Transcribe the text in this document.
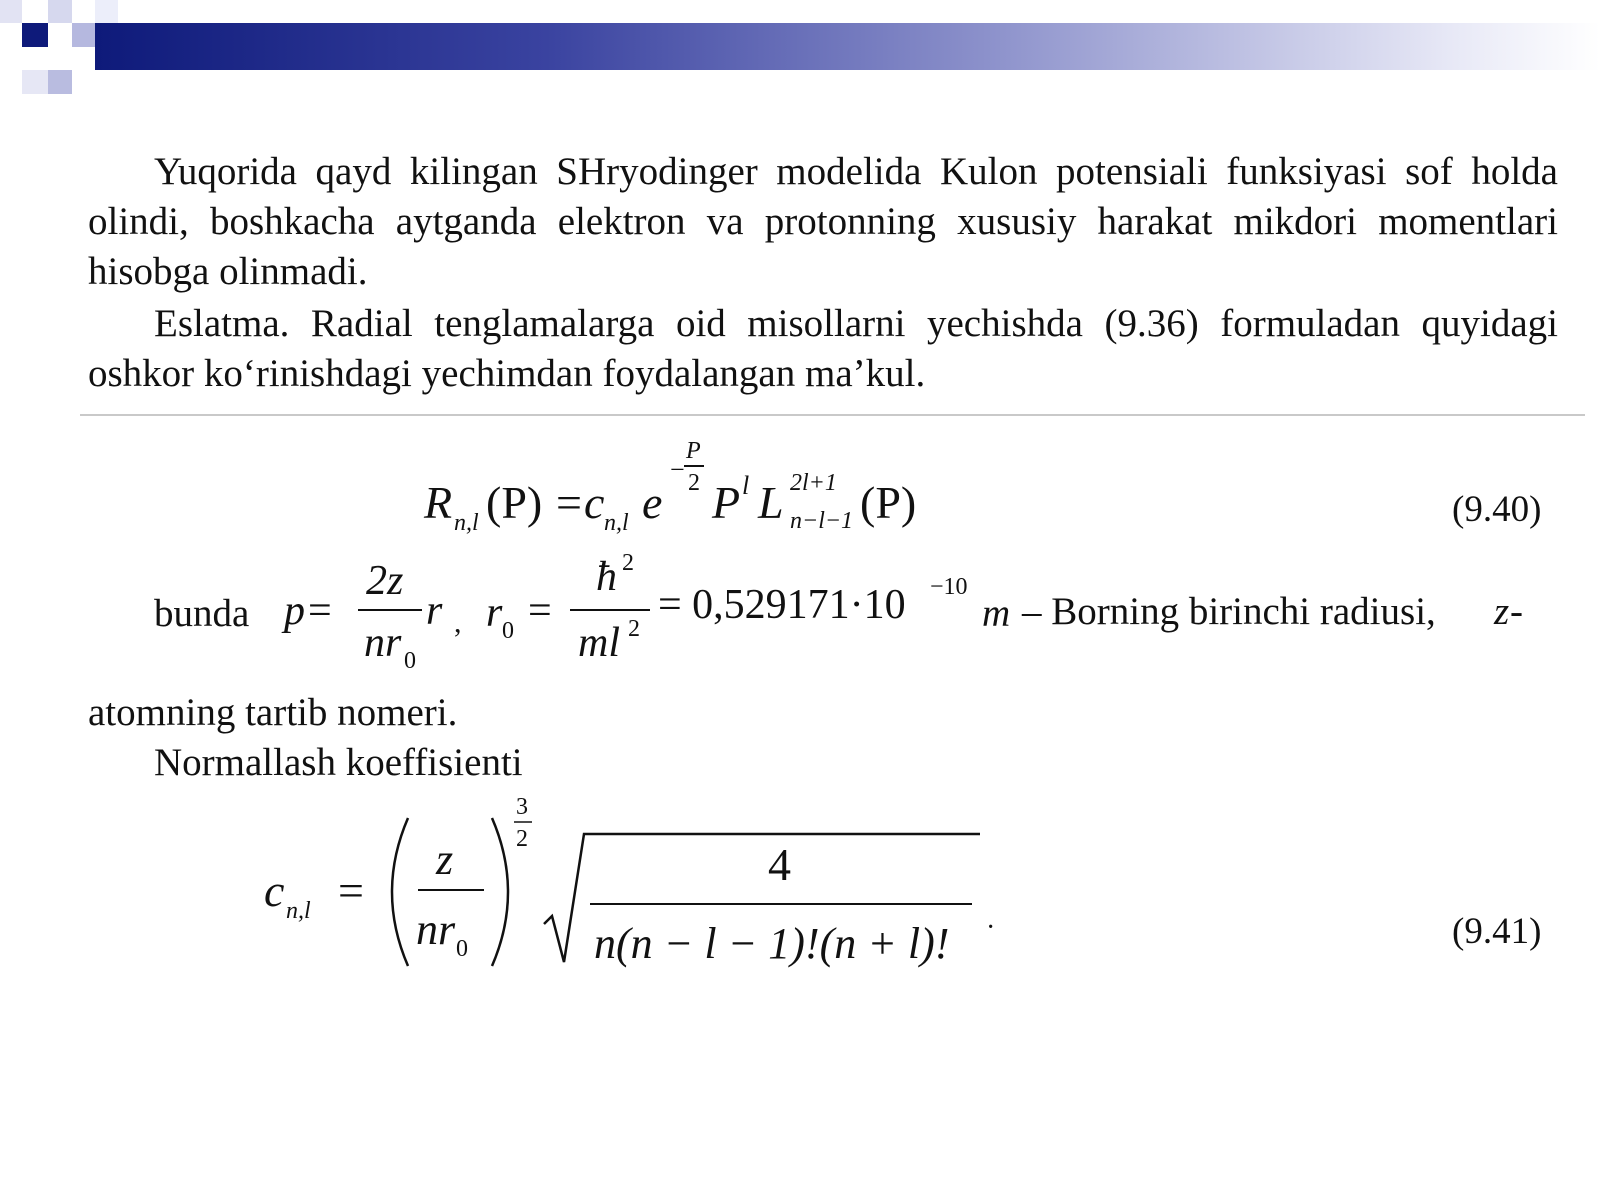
Yuqorida qayd kilingan SHryodinger modelida Kulon potensiali funksiyasi sof holda olindi, boshkacha aytganda elektron va protonning xususiy harakat mikdori momentlari hisobga olinmadi.

Eslatma. Radial tenglamalarga oid misollarni yechishda (9.36) formuladan quyidagi oshkor koʻrinishdagi yechimdan foydalangan maʼkul.

R n,l (P) = c n,l e
−
P
2 P l L 2l+1
n−l−1 (P)	(9.40)
bunda p =
2z
nr 0
r , r 0 =
ħ 2
ml 2
= 0,529171·10 −10
m – Borning birinchi radiusi, z -
atomning tartib nomeri.
Normallash koeffisienti
c n,l =
z
nr 0
3
2	4
n(n − l − 1)!(n + l)! ·	(9.41)
